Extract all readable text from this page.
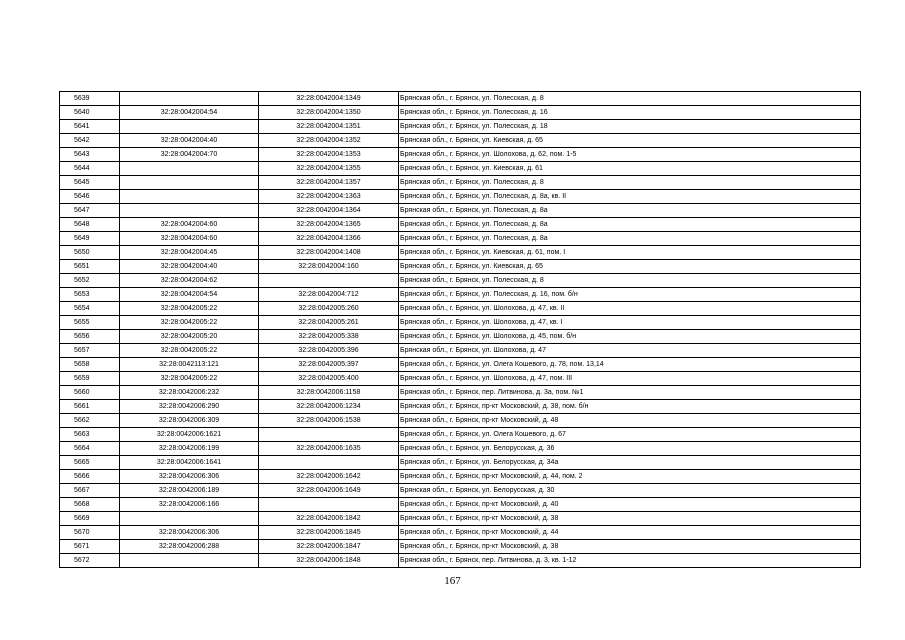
5639		32:28:0042004:1349	Брянская обл., г. Брянск, ул. Полесская, д. 8
5640	32:28:0042004:54	32:28:0042004:1350	Брянская обл., г. Брянск, ул. Полесская, д. 16
5641		32:28:0042004:1351	Брянская обл., г. Брянск, ул. Полесская, д. 18
5642	32:28:0042004:40	32:28:0042004:1352	Брянская обл., г. Брянск, ул. Киевская, д. 65
5643	32:28:0042004:70	32:28:0042004:1353	Брянская обл., г. Брянск, ул. Шолохова, д. 62, пом. 1-5
5644		32:28:0042004:1355	Брянская обл., г. Брянск, ул. Киевская, д. 61
5645		32:28:0042004:1357	Брянская обл., г. Брянск, ул. Полесская, д. 8
5646		32:28:0042004:1363	Брянская обл., г. Брянск, ул. Полесская, д. 8а, кв. II
5647		32:28:0042004:1364	Брянская обл., г. Брянск, ул. Полесская, д. 8а
5648	32:28:0042004:60	32:28:0042004:1365	Брянская обл., г. Брянск, ул. Полесская, д. 8а
5649	32:28:0042004:60	32:28:0042004:1366	Брянская обл., г. Брянск, ул. Полесская, д. 8а
5650	32:28:0042004:45	32:28:0042004:1408	Брянская обл., г. Брянск, ул. Киевская, д. 61, пом. I
5651	32:28:0042004:40	32:28:0042004:160	Брянская обл., г. Брянск, ул. Киевская, д. 65
5652	32:28:0042004:62		Брянская обл., г. Брянск, ул. Полесская, д. 8
5653	32:28:0042004:54	32:28:0042004:712	Брянская обл., г. Брянск, ул. Полесская, д. 16, пом. б/н
5654	32:28:0042005:22	32:28:0042005:260	Брянская обл., г. Брянск, ул. Шолохова, д. 47, кв. II
5655	32:28:0042005:22	32:28:0042005:261	Брянская обл., г. Брянск, ул. Шолохова, д. 47, кв. I
5656	32:28:0042005:20	32:28:0042005:338	Брянская обл., г. Брянск, ул. Шолохова, д. 45, пом. б/н
5657	32:28:0042005:22	32:28:0042005:396	Брянская обл., г. Брянск, ул. Шолохова, д. 47
5658	32:28:0042113:121	32:28:0042005:397	Брянская обл., г. Брянск, ул. Олега Кошевого, д. 78, пом. 13,14
5659	32:28:0042005:22	32:28:0042005:400	Брянская обл., г. Брянск, ул. Шолохова, д. 47, пом. III
5660	32:28:0042006:232	32:28:0042006:1158	Брянская обл., г. Брянск, пер. Литвинова, д. 3а, пом. №1
5661	32:28:0042006:290	32:28:0042006:1234	Брянская обл., г. Брянск, пр-кт Московский, д. 38, пом. б/н
5662	32:28:0042006:309	32:28:0042006:1538	Брянская обл., г. Брянск, пр-кт Московский, д. 48
5663	32:28:0042006:1621		Брянская обл., г. Брянск, ул. Олега Кошевого, д. 67
5664	32:28:0042006:199	32:28:0042006:1635	Брянская обл., г. Брянск, ул. Белорусская, д. 36
5665	32:28:0042006:1641		Брянская обл., г. Брянск, ул. Белорусская, д. 34а
5666	32:28:0042006:306	32:28:0042006:1642	Брянская обл., г. Брянск, пр-кт Московский, д. 44, пом. 2
5667	32:28:0042006:189	32:28:0042006:1649	Брянская обл., г. Брянск, ул. Белорусская, д. 30
5668	32:28:0042006:166		Брянская обл., г. Брянск, пр-кт Московский, д. 40
5669		32:28:0042006:1842	Брянская обл., г. Брянск, пр-кт Московский, д. 38
5670	32:28:0042006:306	32:28:0042006:1845	Брянская обл., г. Брянск, пр-кт Московский, д. 44
5671	32:28:0042006:288	32:28:0042006:1847	Брянская обл., г. Брянск, пр-кт Московский, д. 38
5672		32:28:0042006:1848	Брянская обл., г. Брянск, пер. Литвинова, д. 3, кв. 1-12
167
